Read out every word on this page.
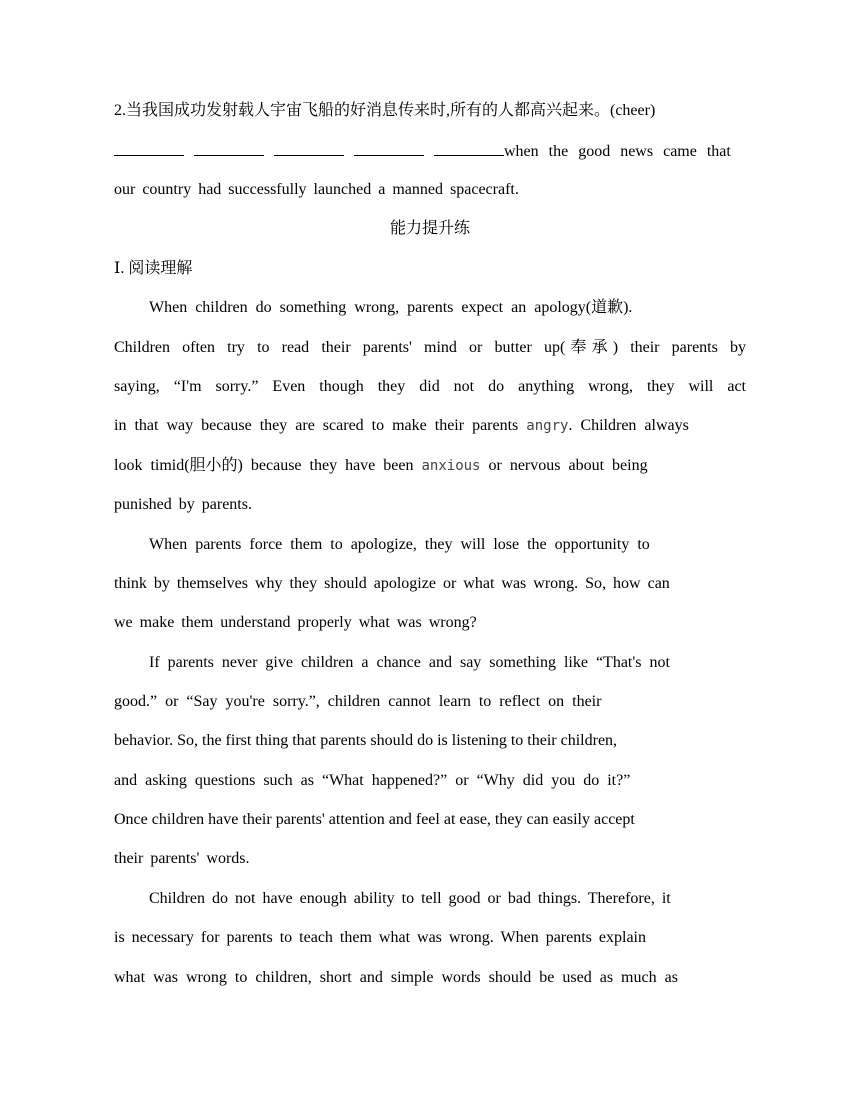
2.当我国成功发射载人宇宙飞船的好消息传来时,所有的人都高兴起来。(cheer)
when the good news came that
our country had successfully launched a manned spacecraft.
能力提升练
Ⅰ. 阅读理解
When children do something wrong, parents expect an apology(道歉).
Children often try to read their parents' mind or butter up(奉承) their parents by
saying, “I'm sorry.” Even though they did not do anything wrong, they will act
in that way because they are scared to make their parents angry. Children always
look timid(胆小的) because they have been anxious or nervous about being
punished by parents.
When parents force them to apologize, they will lose the opportunity to
think by themselves why they should apologize or what was wrong. So, how can
we make them understand properly what was wrong?
If parents never give children a chance and say something like “That's not
good.” or “Say you're sorry.”, children cannot learn to reflect on their
behavior. So, the first thing that parents should do is listening to their children,
and asking questions such as “What happened?” or “Why did you do it?”
Once children have their parents' attention and feel at ease, they can easily accept
their parents' words.
Children do not have enough ability to tell good or bad things. Therefore, it
is necessary for parents to teach them what was wrong. When parents explain
what was wrong to children, short and simple words should be used as much as
